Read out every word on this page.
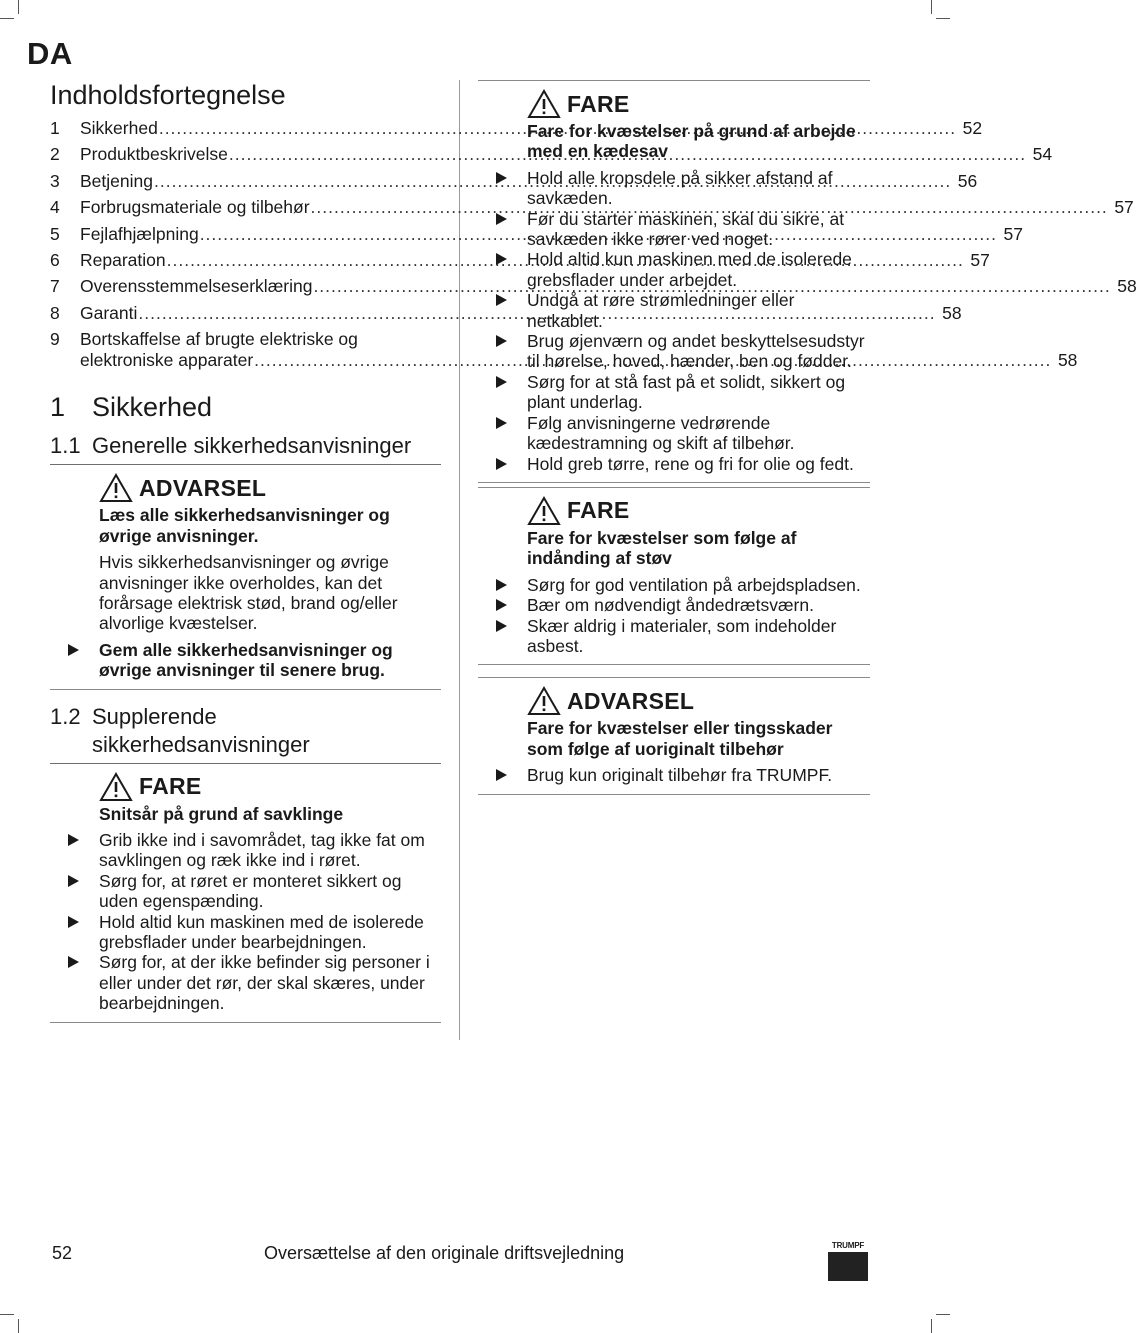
DA
Indholdsfortegnelse
1	Sikkerhed .....	52
2	Produktbeskrivelse .....	54
3	Betjening .....	56
4	Forbrugsmateriale og tilbehør .....	57
5	Fejlafhjælpning .....	57
6	Reparation .....	57
7	Overensstemmelseserklæring .....	58
8	Garanti .....	58
9	Bortskaffelse af brugte elektriske og
elektroniske apparater .....	58
1 Sikkerhed
1.1 Generelle sikkerhedsanvisninger
ADVARSEL
Læs alle sikkerhedsanvisninger og øvrige anvisninger.
Hvis sikkerhedsanvisninger og øvrige anvisninger ikke overholdes, kan det forårsage elektrisk stød, brand og/eller alvorlige kvæstelser.
Gem alle sikkerhedsanvisninger og øvrige anvisninger til senere brug.
1.2 Supplerende
sikkerhedsanvisninger
FARE
Snitsår på grund af savklinge
Grib ikke ind i savområdet, tag ikke fat om savklingen og ræk ikke ind i røret.
Sørg for, at røret er monteret sikkert og uden egenspænding.
Hold altid kun maskinen med de isolerede grebsflader under bearbejdningen.
Sørg for, at der ikke befinder sig personer i eller under det rør, der skal skæres, under bearbejdningen.
FARE
Fare for kvæstelser på grund af arbejde med en kædesav
Hold alle kropsdele på sikker afstand af savkæden.
Før du starter maskinen, skal du sikre, at savkæden ikke rører ved noget.
Hold altid kun maskinen med de isolerede grebsflader under arbejdet.
Undgå at røre strømledninger eller netkablet.
Brug øjenværn og andet beskyttelsesudstyr til hørelse, hoved, hænder, ben og fødder.
Sørg for at stå fast på et solidt, sikkert og plant underlag.
Følg anvisningerne vedrørende kædestramning og skift af tilbehør.
Hold greb tørre, rene og fri for olie og fedt.
FARE
Fare for kvæstelser som følge af indånding af støv
Sørg for god ventilation på arbejdspladsen.
Bær om nødvendigt åndedrætsværn.
Skær aldrig i materialer, som indeholder asbest.
ADVARSEL
Fare for kvæstelser eller tingsskader som følge af uoriginalt tilbehør
Brug kun originalt tilbehør fra TRUMPF.
52	Oversættelse af den originale driftsvejledning	TRUMPF
